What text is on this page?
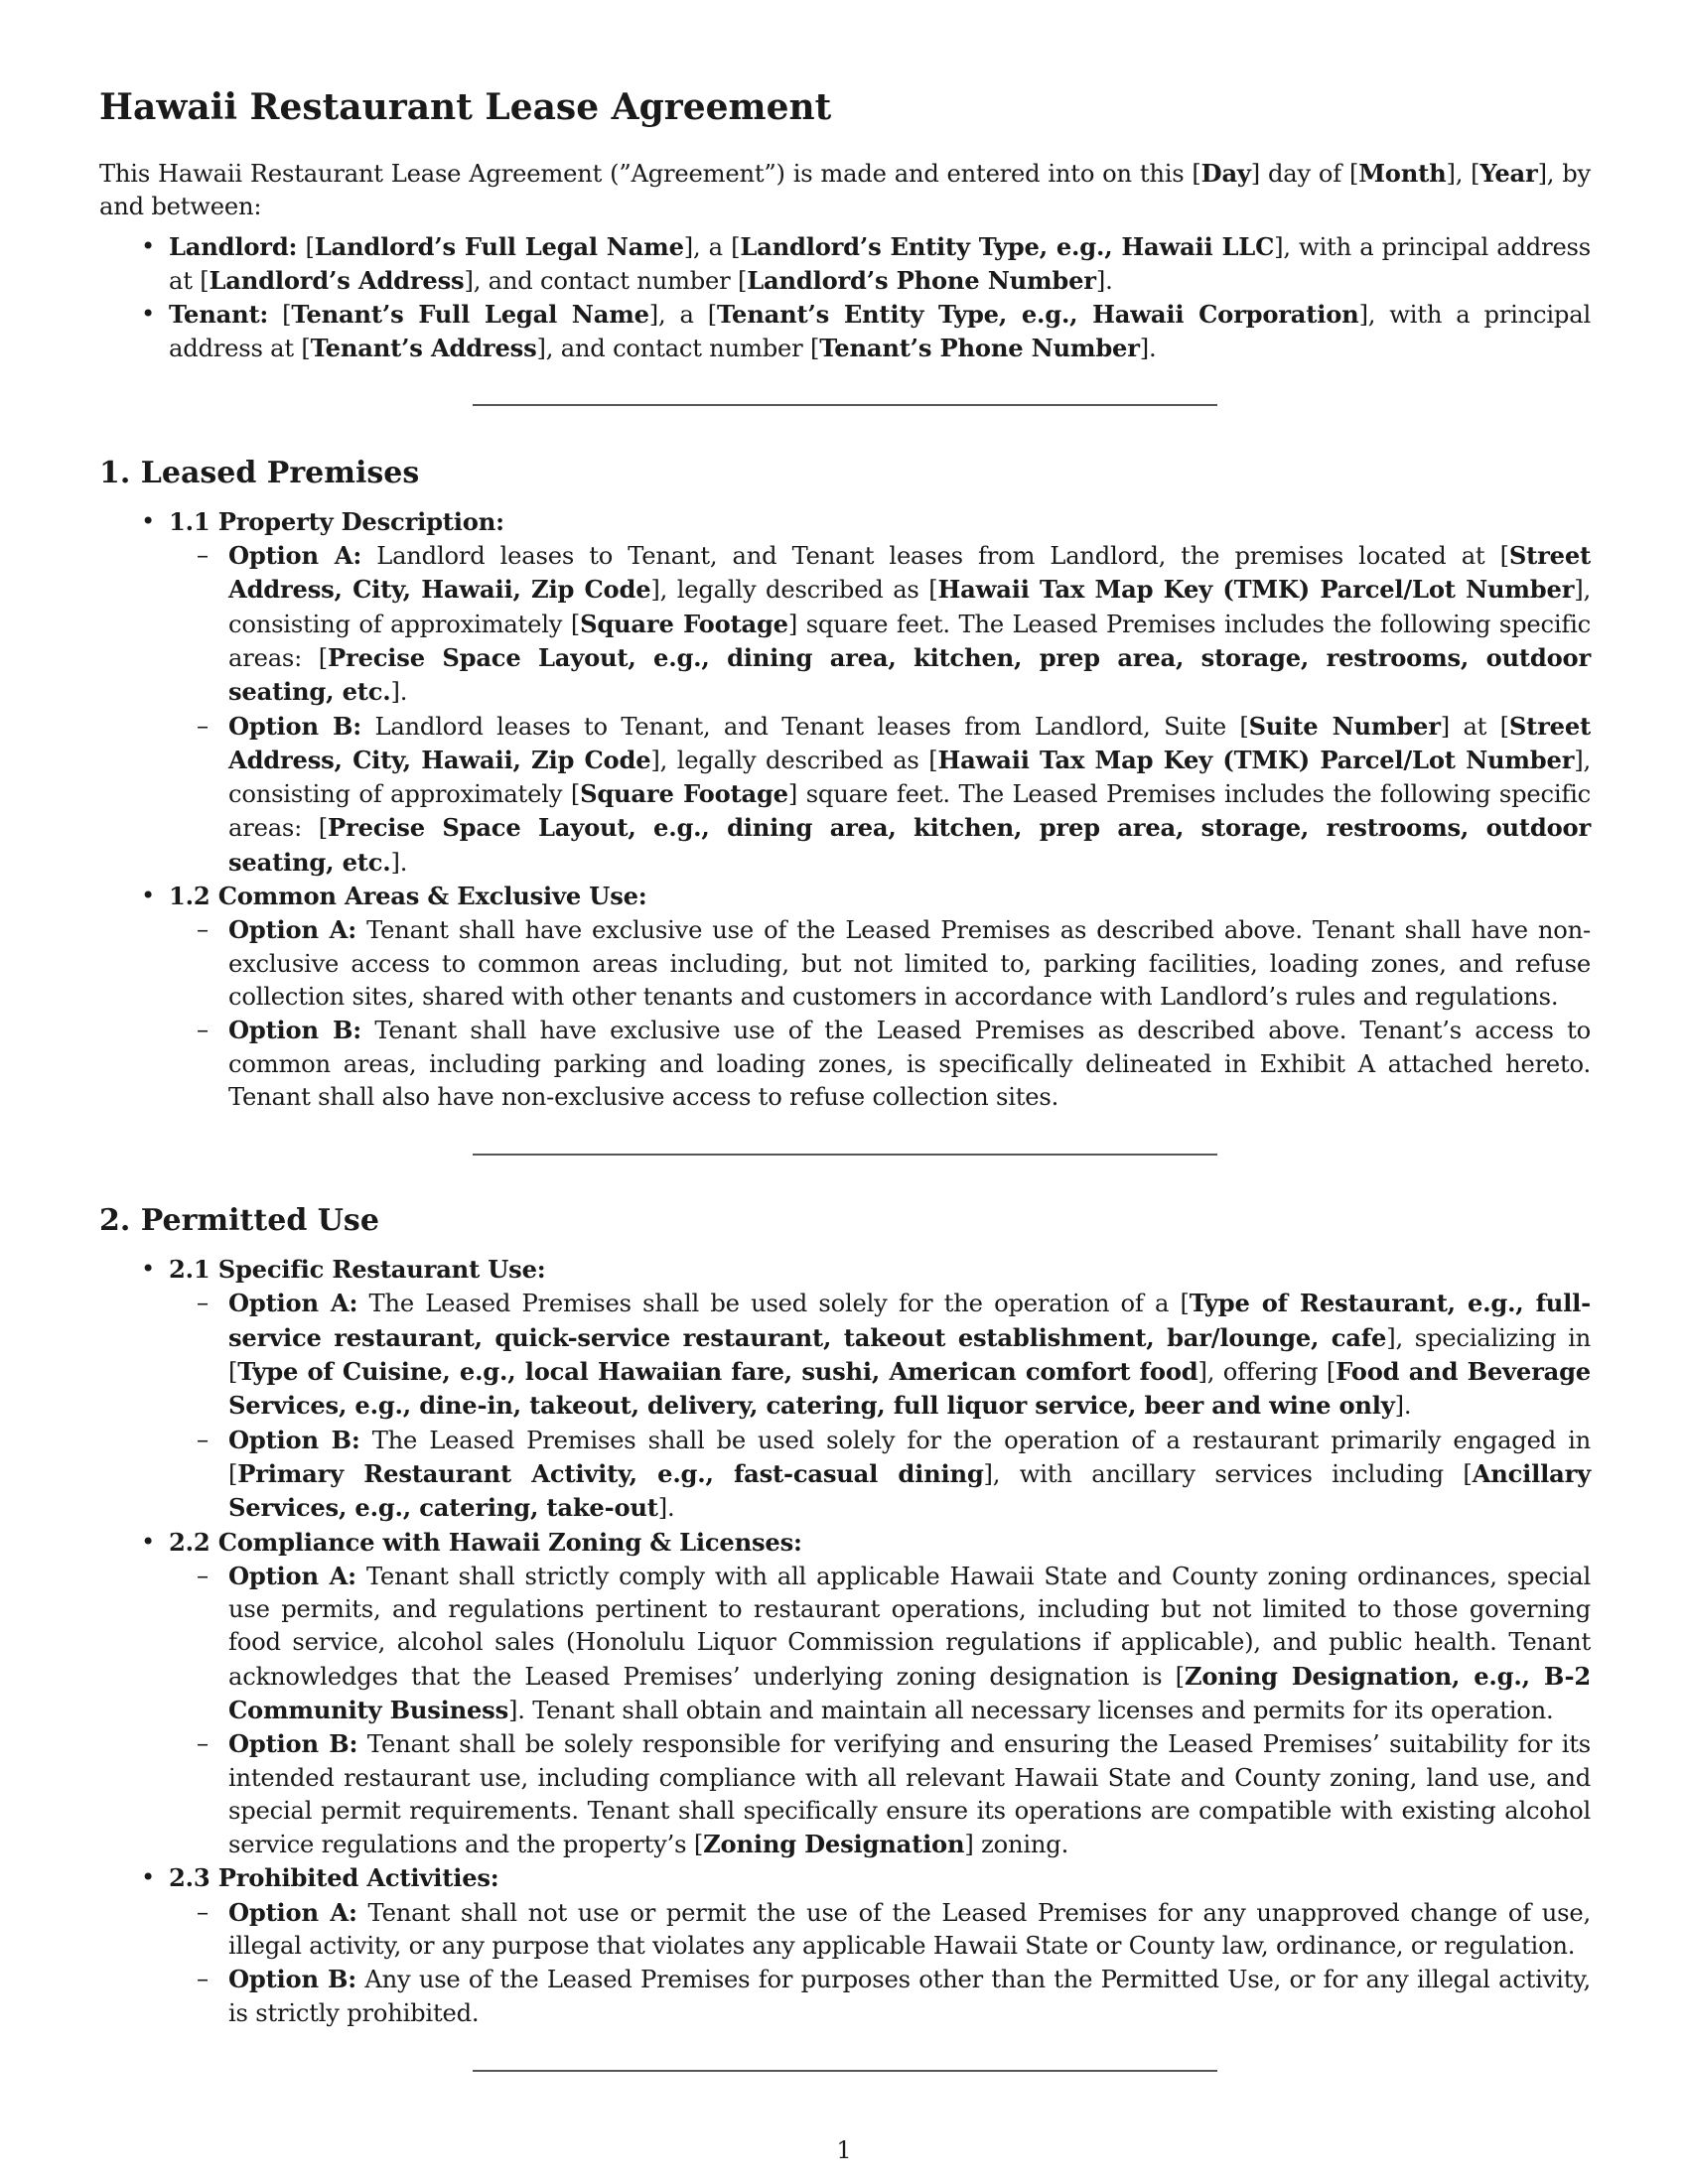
Hawaii Restaurant Lease Agreement

This Hawaii Restaurant Lease Agreement (”Agreement”) is made and entered into on this [Day] day of [Month], [Year], by and between:

• Landlord: [Landlord’s Full Legal Name], a [Landlord’s Entity Type, e.g., Hawaii LLC], with a principal address at [Landlord’s Address], and contact number [Landlord’s Phone Number].
• Tenant: [Tenant’s Full Legal Name], a [Tenant’s Entity Type, e.g., Hawaii Corporation], with a principal address at [Tenant’s Address], and contact number [Tenant’s Phone Number].
1. Leased Premises
• 1.1 Property Description:
– Option A: Landlord leases to Tenant, and Tenant leases from Landlord, the premises located at [Street Address, City, Hawaii, Zip Code], legally described as [Hawaii Tax Map Key (TMK) Parcel/Lot Number], consisting of approximately [Square Footage] square feet. The Leased Premises includes the following specific areas: [Precise Space Layout, e.g., dining area, kitchen, prep area, storage, restrooms, outdoor seating, etc.].
– Option B: Landlord leases to Tenant, and Tenant leases from Landlord, Suite [Suite Number] at [Street Address, City, Hawaii, Zip Code], legally described as [Hawaii Tax Map Key (TMK) Parcel/Lot Number], consisting of approximately [Square Footage] square feet. The Leased Premises includes the following specific areas: [Precise Space Layout, e.g., dining area, kitchen, prep area, storage, restrooms, outdoor seating, etc.].
• 1.2 Common Areas & Exclusive Use:
– Option A: Tenant shall have exclusive use of the Leased Premises as described above. Tenant shall have non-exclusive access to common areas including, but not limited to, parking facilities, loading zones, and refuse collection sites, shared with other tenants and customers in accordance with Landlord’s rules and regulations.
– Option B: Tenant shall have exclusive use of the Leased Premises as described above. Tenant’s access to common areas, including parking and loading zones, is specifically delineated in Exhibit A attached hereto. Tenant shall also have non-exclusive access to refuse collection sites.
2. Permitted Use
• 2.1 Specific Restaurant Use:
– Option A: The Leased Premises shall be used solely for the operation of a [Type of Restaurant, e.g., full-service restaurant, quick-service restaurant, takeout establishment, bar/lounge, cafe], specializing in [Type of Cuisine, e.g., local Hawaiian fare, sushi, American comfort food], offering [Food and Beverage Services, e.g., dine-in, takeout, delivery, catering, full liquor service, beer and wine only].
– Option B: The Leased Premises shall be used solely for the operation of a restaurant primarily engaged in [Primary Restaurant Activity, e.g., fast-casual dining], with ancillary services including [Ancillary Services, e.g., catering, take-out].
• 2.2 Compliance with Hawaii Zoning & Licenses:
– Option A: Tenant shall strictly comply with all applicable Hawaii State and County zoning ordinances, special use permits, and regulations pertinent to restaurant operations, including but not limited to those governing food service, alcohol sales (Honolulu Liquor Commission regulations if applicable), and public health. Tenant acknowledges that the Leased Premises’ underlying zoning designation is [Zoning Designation, e.g., B-2 Community Business]. Tenant shall obtain and maintain all necessary licenses and permits for its operation.
– Option B: Tenant shall be solely responsible for verifying and ensuring the Leased Premises’ suitability for its intended restaurant use, including compliance with all relevant Hawaii State and County zoning, land use, and special permit requirements. Tenant shall specifically ensure its operations are compatible with existing alcohol service regulations and the property’s [Zoning Designation] zoning.
• 2.3 Prohibited Activities:
– Option A: Tenant shall not use or permit the use of the Leased Premises for any unapproved change of use, illegal activity, or any purpose that violates any applicable Hawaii State or County law, ordinance, or regulation.
– Option B: Any use of the Leased Premises for purposes other than the Permitted Use, or for any illegal activity, is strictly prohibited.
1
